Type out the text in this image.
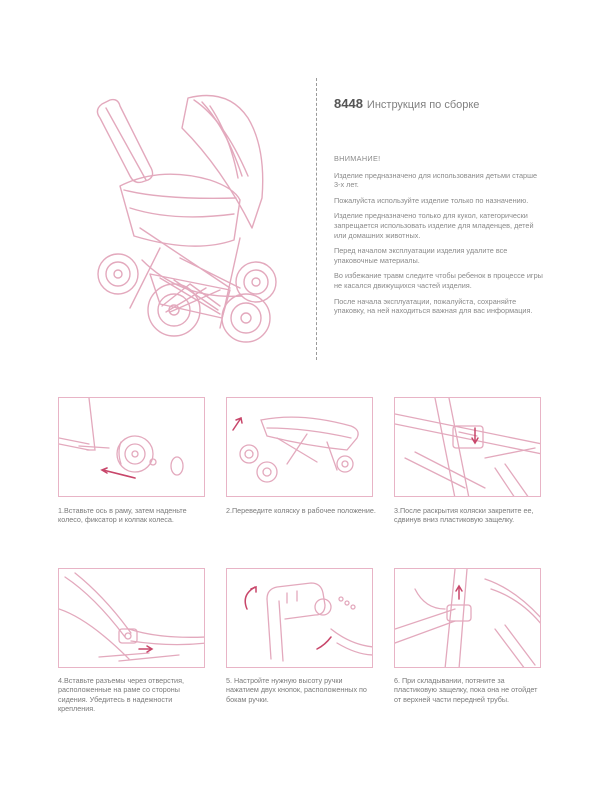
8448 Инструкция по сборке
ВНИМАНИЕ!

Изделие предназначено для использования детьми старше 3-х лет.

Пожалуйста используйте изделие только по назначению.

Изделие предназначено только для кукол, категорически запрещается использовать изделие для младенцев, детей или домашних животных.

Перед началом эксплуатации изделия удалите все упаковочные материалы.

Во избежание травм следите чтобы ребенок в процессе игры не касался движущихся частей изделия.

После начала эксплуатации, пожалуйста, сохраняйте упаковку, на ней находиться важная для вас информация.

1.Вставьте ось в раму, затем наденьте колесо, фиксатор и колпак колеса.
2.Переведите коляску в рабочее положение.	3.После раскрытия коляски закрепите ее, сдвинув вниз пластиковую защелку.
4.Вставьте разъемы через отверстия, расположенные на раме со стороны сидения. Убедитесь в надежности крепления.
5. Настройте нужную высоту ручки нажатием двух кнопок, расположенных по бокам ручки.
6. При складывании, потяните за пластиковую защелку, пока она не отойдет от верхней части передней трубы.
